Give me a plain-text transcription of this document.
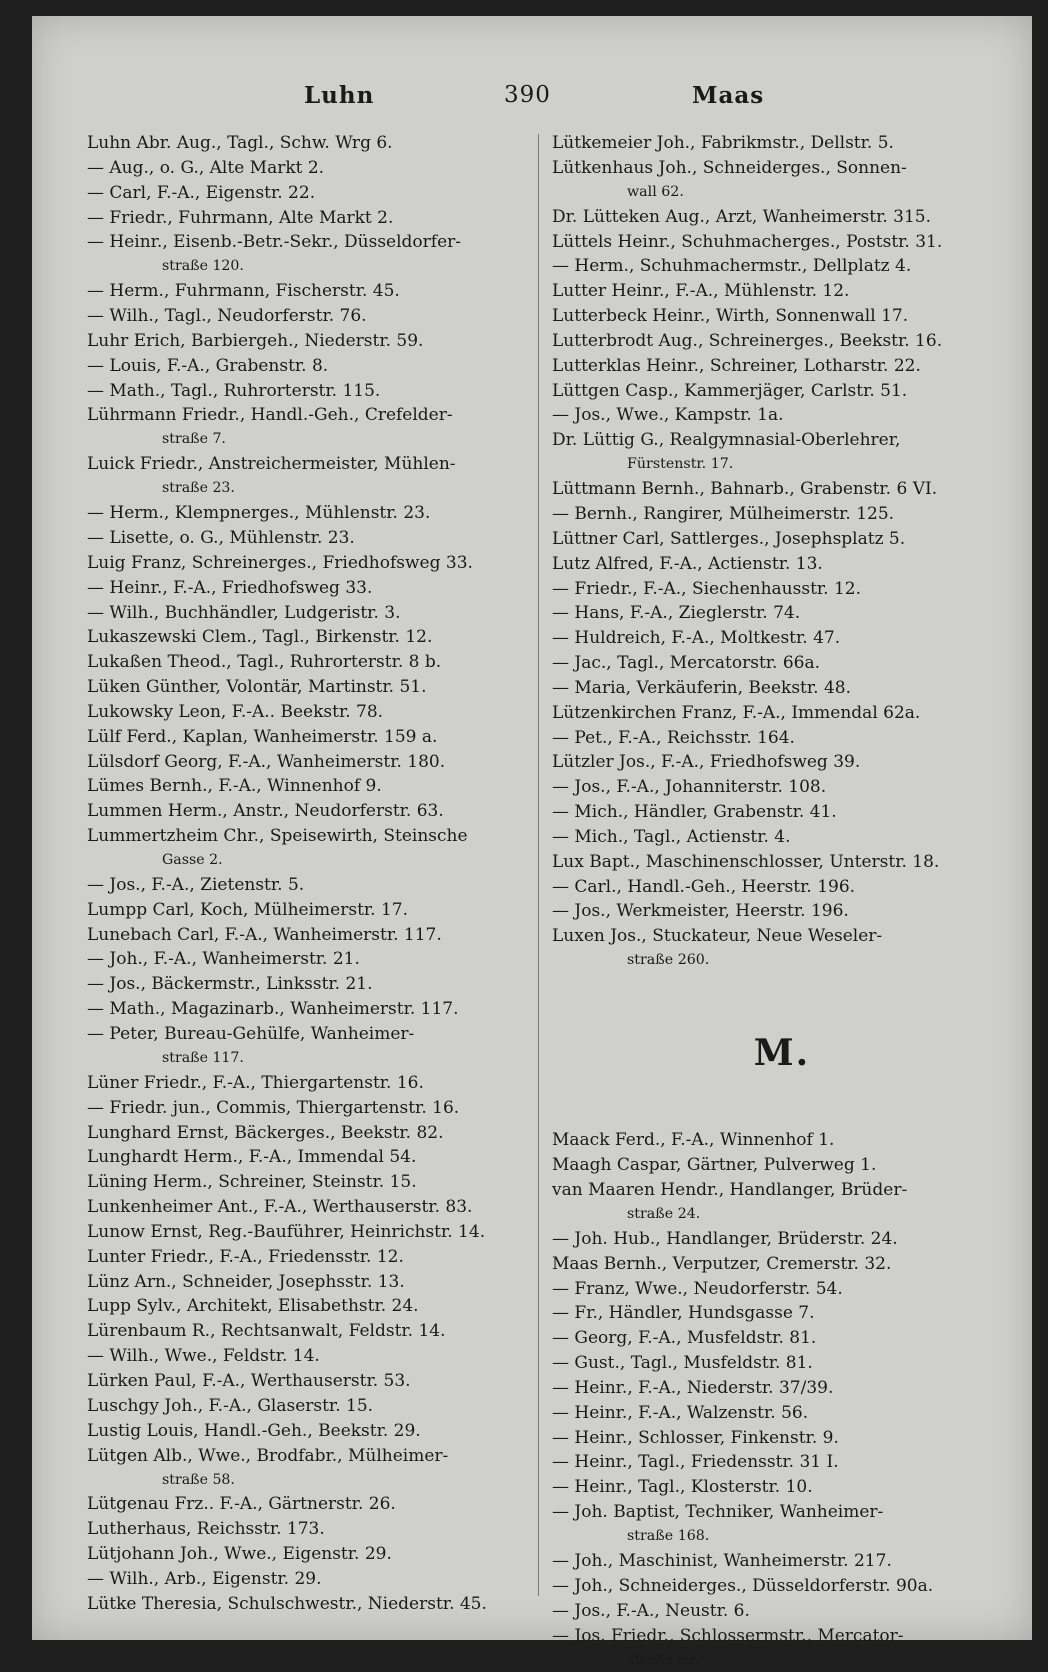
Luhn	390	Maas
Luhn Abr. Aug., Tagl., Schw. Wrg 6.
— Aug., o. G., Alte Markt 2.
— Carl, F.-A., Eigenstr. 22.
— Friedr., Fuhrmann, Alte Markt 2.
— Heinr., Eisenb.-Betr.-Sekr., Düsseldorfer-
straße 120.
— Herm., Fuhrmann, Fischerstr. 45.
— Wilh., Tagl., Neudorferstr. 76.
Luhr Erich, Barbiergeh., Niederstr. 59.
— Louis, F.-A., Grabenstr. 8.
— Math., Tagl., Ruhrorterstr. 115.
Lührmann Friedr., Handl.-Geh., Crefelder-
straße 7.
Luick Friedr., Anstreichermeister, Mühlen-
straße 23.
— Herm., Klempnerges., Mühlenstr. 23.
— Lisette, o. G., Mühlenstr. 23.
Luig Franz, Schreinerges., Friedhofsweg 33.
— Heinr., F.-A., Friedhofsweg 33.
— Wilh., Buchhändler, Ludgeristr. 3.
Lukaszewski Clem., Tagl., Birkenstr. 12.
Lukaßen Theod., Tagl., Ruhrorterstr. 8 b.
Lüken Günther, Volontär, Martinstr. 51.
Lukowsky Leon, F.-A.. Beekstr. 78.
Lülf Ferd., Kaplan, Wanheimerstr. 159 a.
Lülsdorf Georg, F.-A., Wanheimerstr. 180.
Lümes Bernh., F.-A., Winnenhof 9.
Lummen Herm., Anstr., Neudorferstr. 63.
Lummertzheim Chr., Speisewirth, Steinsche
Gasse 2.
— Jos., F.-A., Zietenstr. 5.
Lumpp Carl, Koch, Mülheimerstr. 17.
Lunebach Carl, F.-A., Wanheimerstr. 117.
— Joh., F.-A., Wanheimerstr. 21.
— Jos., Bäckermstr., Linksstr. 21.
— Math., Magazinarb., Wanheimerstr. 117.
— Peter, Bureau-Gehülfe, Wanheimer-
straße 117.
Lüner Friedr., F.-A., Thiergartenstr. 16.
— Friedr. jun., Commis, Thiergartenstr. 16.
Lunghard Ernst, Bäckerges., Beekstr. 82.
Lunghardt Herm., F.-A., Immendal 54.
Lüning Herm., Schreiner, Steinstr. 15.
Lunkenheimer Ant., F.-A., Werthauserstr. 83.
Lunow Ernst, Reg.-Bauführer, Heinrichstr. 14.
Lunter Friedr., F.-A., Friedensstr. 12.
Lünz Arn., Schneider, Josephsstr. 13.
Lupp Sylv., Architekt, Elisabethstr. 24.
Lürenbaum R., Rechtsanwalt, Feldstr. 14.
— Wilh., Wwe., Feldstr. 14.
Lürken Paul, F.-A., Werthauserstr. 53.
Luschgy Joh., F.-A., Glaserstr. 15.
Lustig Louis, Handl.-Geh., Beekstr. 29.
Lütgen Alb., Wwe., Brodfabr., Mülheimer-
straße 58.
Lütgenau Frz.. F.-A., Gärtnerstr. 26.
Lutherhaus, Reichsstr. 173.
Lütjohann Joh., Wwe., Eigenstr. 29.
— Wilh., Arb., Eigenstr. 29.
Lütke Theresia, Schulschwestr., Niederstr. 45.
Lütkemeier Joh., Fabrikmstr., Dellstr. 5.
Lütkenhaus Joh., Schneiderges., Sonnen-
wall 62.
Dr. Lütteken Aug., Arzt, Wanheimerstr. 315.
Lüttels Heinr., Schuhmacherges., Poststr. 31.
— Herm., Schuhmachermstr., Dellplatz 4.
Lutter Heinr., F.-A., Mühlenstr. 12.
Lutterbeck Heinr., Wirth, Sonnenwall 17.
Lutterbrodt Aug., Schreinerges., Beekstr. 16.
Lutterklas Heinr., Schreiner, Lotharstr. 22.
Lüttgen Casp., Kammerjäger, Carlstr. 51.
— Jos., Wwe., Kampstr. 1a.
Dr. Lüttig G., Realgymnasial-Oberlehrer,
Fürstenstr. 17.
Lüttmann Bernh., Bahnarb., Grabenstr. 6 VI.
— Bernh., Rangirer, Mülheimerstr. 125.
Lüttner Carl, Sattlerges., Josephsplatz 5.
Lutz Alfred, F.-A., Actienstr. 13.
— Friedr., F.-A., Siechenhausstr. 12.
— Hans, F.-A., Zieglerstr. 74.
— Huldreich, F.-A., Moltkestr. 47.
— Jac., Tagl., Mercatorstr. 66a.
— Maria, Verkäuferin, Beekstr. 48.
Lützenkirchen Franz, F.-A., Immendal 62a.
— Pet., F.-A., Reichsstr. 164.
Lützler Jos., F.-A., Friedhofsweg 39.
— Jos., F.-A., Johanniterstr. 108.
— Mich., Händler, Grabenstr. 41.
— Mich., Tagl., Actienstr. 4.
Lux Bapt., Maschinenschlosser, Unterstr. 18.
— Carl., Handl.-Geh., Heerstr. 196.
— Jos., Werkmeister, Heerstr. 196.
Luxen Jos., Stuckateur, Neue Weseler-
straße 260.
M.
Maack Ferd., F.-A., Winnenhof 1.
Maagh Caspar, Gärtner, Pulverweg 1.
van Maaren Hendr., Handlanger, Brüder-
straße 24.
— Joh. Hub., Handlanger, Brüderstr. 24.
Maas Bernh., Verputzer, Cremerstr. 32.
— Franz, Wwe., Neudorferstr. 54.
— Fr., Händler, Hundsgasse 7.
— Georg, F.-A., Musfeldstr. 81.
— Gust., Tagl., Musfeldstr. 81.
— Heinr., F.-A., Niederstr. 37/39.
— Heinr., F.-A., Walzenstr. 56.
— Heinr., Schlosser, Finkenstr. 9.
— Heinr., Tagl., Friedensstr. 31 I.
— Heinr., Tagl., Klosterstr. 10.
— Joh. Baptist, Techniker, Wanheimer-
straße 168.
— Joh., Maschinist, Wanheimerstr. 217.
— Joh., Schneiderges., Düsseldorferstr. 90a.
— Jos., F.-A., Neustr. 6.
— Jos. Friedr., Schlossermstr., Mercator-
straße 62.
